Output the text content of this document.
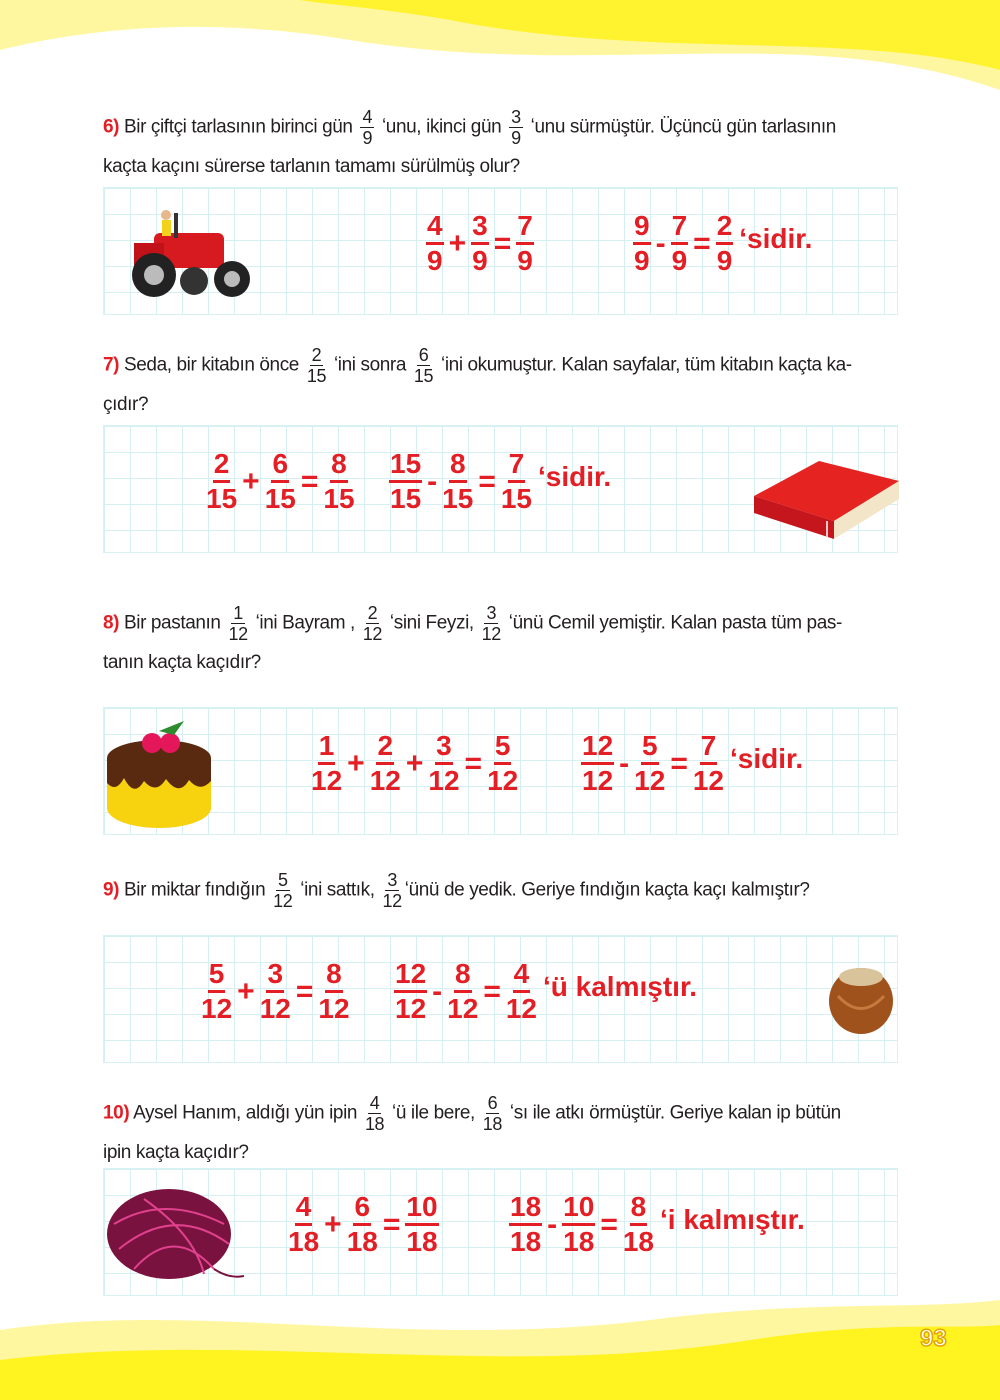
6) Bir çiftçi tarlasının birinci gün $\frac{4}{9}$ ʻunu, ikinci gün $\frac{3}{9}$ ʻunu sürmüştür. Üçüncü gün tarlasının
kaçta kaçını sürerse tarlanın tamamı sürülmüş olur?
$\frac{4}{9} + \frac{3}{9} = \frac{7}{9}$	$\frac{9}{9} - \frac{7}{9} = \frac{2}{9}$ ʻsidir.
7) Seda, bir kitabın önce $\frac{2}{15}$ ʻini sonra $\frac{6}{15}$ ʻini okumuştur. Kalan sayfalar, tüm kitabın kaçta ka-
çıdır?
$\frac{2}{15} + \frac{6}{15} = \frac{8}{15} \frac{15}{15} - \frac{8}{15} = \frac{7}{15}$ ʻsidir.
8) Bir pastanın $\frac{1}{12}$ ʻini Bayram , $\frac{2}{12}$ ʻsini Feyzi, $\frac{3}{12}$ ʻünü Cemil yemiştir. Kalan pasta tüm pas-
tanın kaçta kaçıdır?
$\frac{1}{12} + \frac{2}{12} + \frac{3}{12} = \frac{5}{12} \frac{12}{12} - \frac{5}{12} = \frac{7}{12}$ ʻsidir.
9) Bir miktar fındığın $\frac{5}{12}$ ʻini sattık, $\frac{3}{12}$ ʻünü de yedik. Geriye fındığın kaçta kaçı kalmıştır?
$\frac{5}{12} + \frac{3}{12} = \frac{8}{12} \frac{12}{12} - \frac{8}{12} = \frac{4}{12}$ ʻü kalmıştır.
10) Aysel Hanım, aldığı yün ipin $\frac{4}{18}$ ʻü ile bere, $\frac{6}{18}$ ʻsı ile atkı örmüştür. Geriye kalan ip bütün
ipin kaçta kaçıdır?
$\frac{4}{18} + \frac{6}{18} = \frac{10}{18}$	$\frac{18}{18} - \frac{10}{18} = \frac{8}{18}$ ʻi kalmıştır.
93
